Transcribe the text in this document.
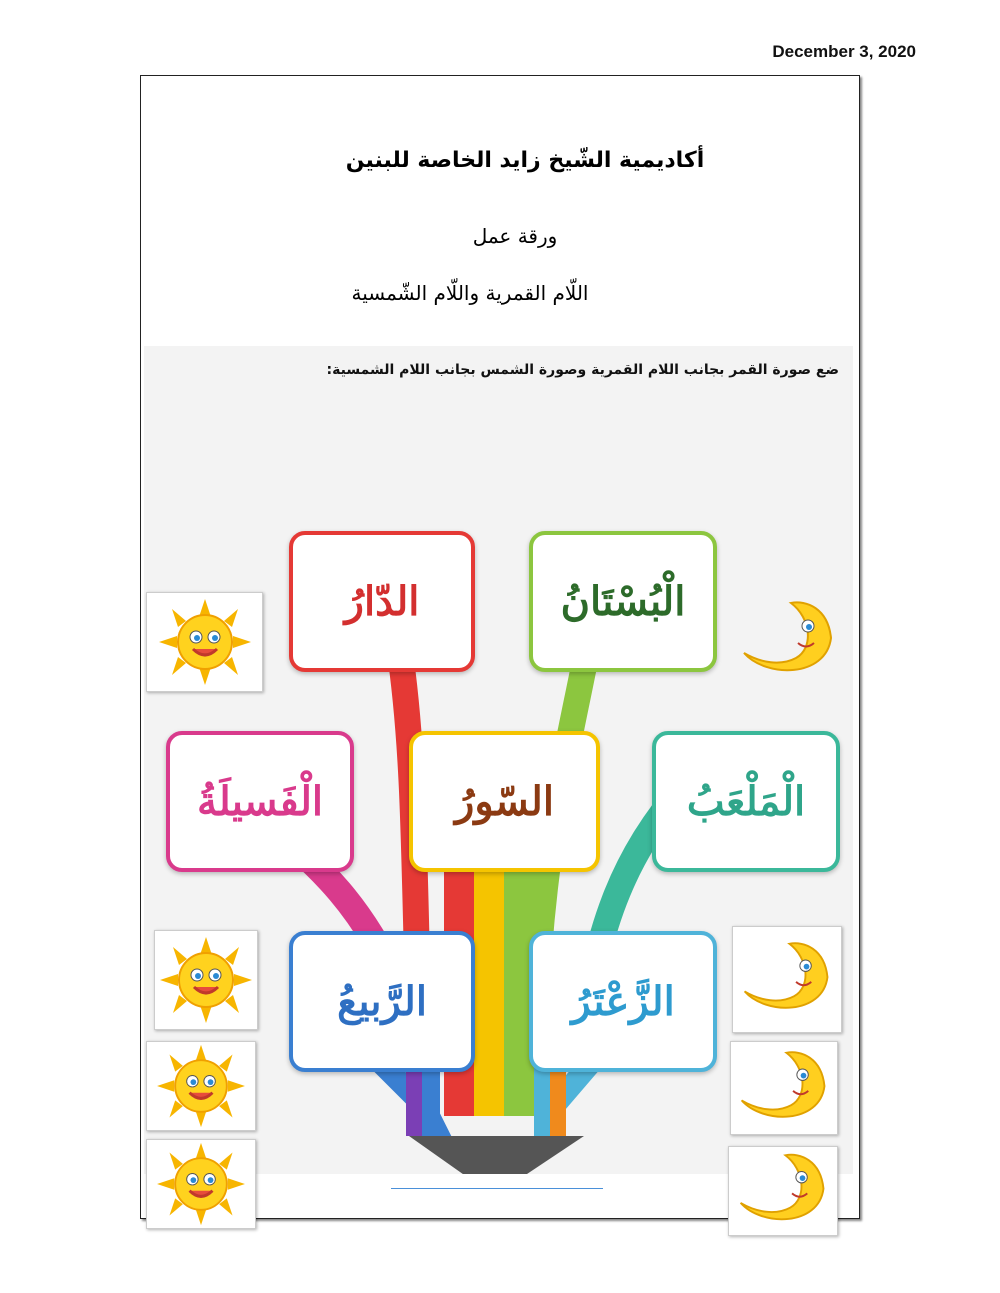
December 3, 2020
أكاديمية الشّيخ زايد الخاصة للبنين
ورقة عمل
اللّام القمرية واللّام الشّمسية
ضع صورة القمر بجانب اللام القمرية وصورة الشمس بجانب اللام الشمسية:
الْبُسْتَانُ
الدّارُ
الْمَلْعَبُ
السّورُ
الْفَسيلَةُ
الزَّعْتَرُ
الرَّبيعُ
